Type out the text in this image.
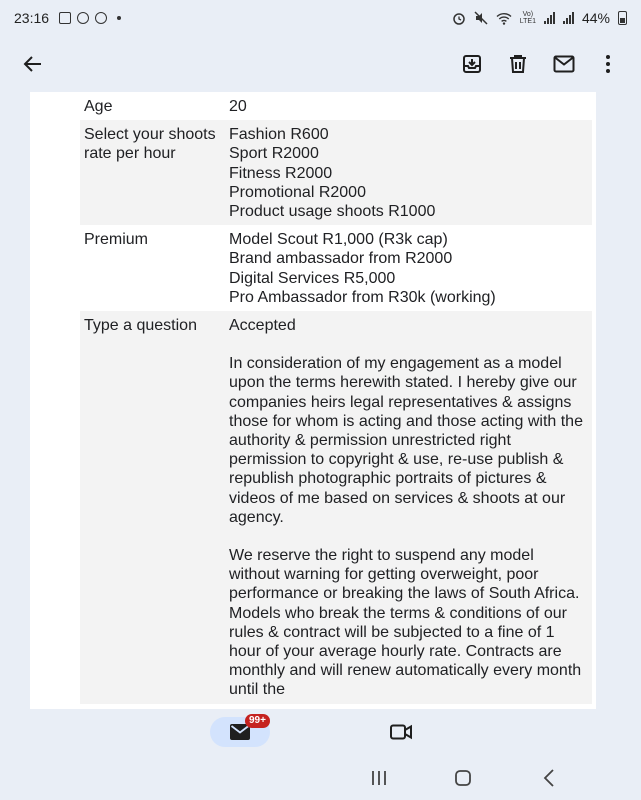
23:16	Vo)
LTE1	44%
Age	20
Select your shoots rate per hour
Fashion R600
Sport R2000
Fitness R2000
Promotional R2000
Product usage shoots R1000
Premium	Model Scout R1,000 (R3k cap)
Brand ambassador from R2000
Digital Services R5,000
Pro Ambassador from R30k (working)
Type a question	Accepted
In consideration of my engagement as a model upon the terms herewith stated. I hereby give our companies heirs legal representatives & assigns those for whom is acting and those acting with the authority & permission unrestricted right permission to copyright & use, re-use publish & republish photographic portraits of pictures & videos of me based on services & shoots at our agency.
We reserve the right to suspend any model without warning for getting overweight, poor performance or breaking the laws of South Africa. Models who break the terms & conditions of our rules & contract will be subjected to a fine of 1 hour of your average hourly rate. Contracts are monthly and will renew automatically every month until the
99+
